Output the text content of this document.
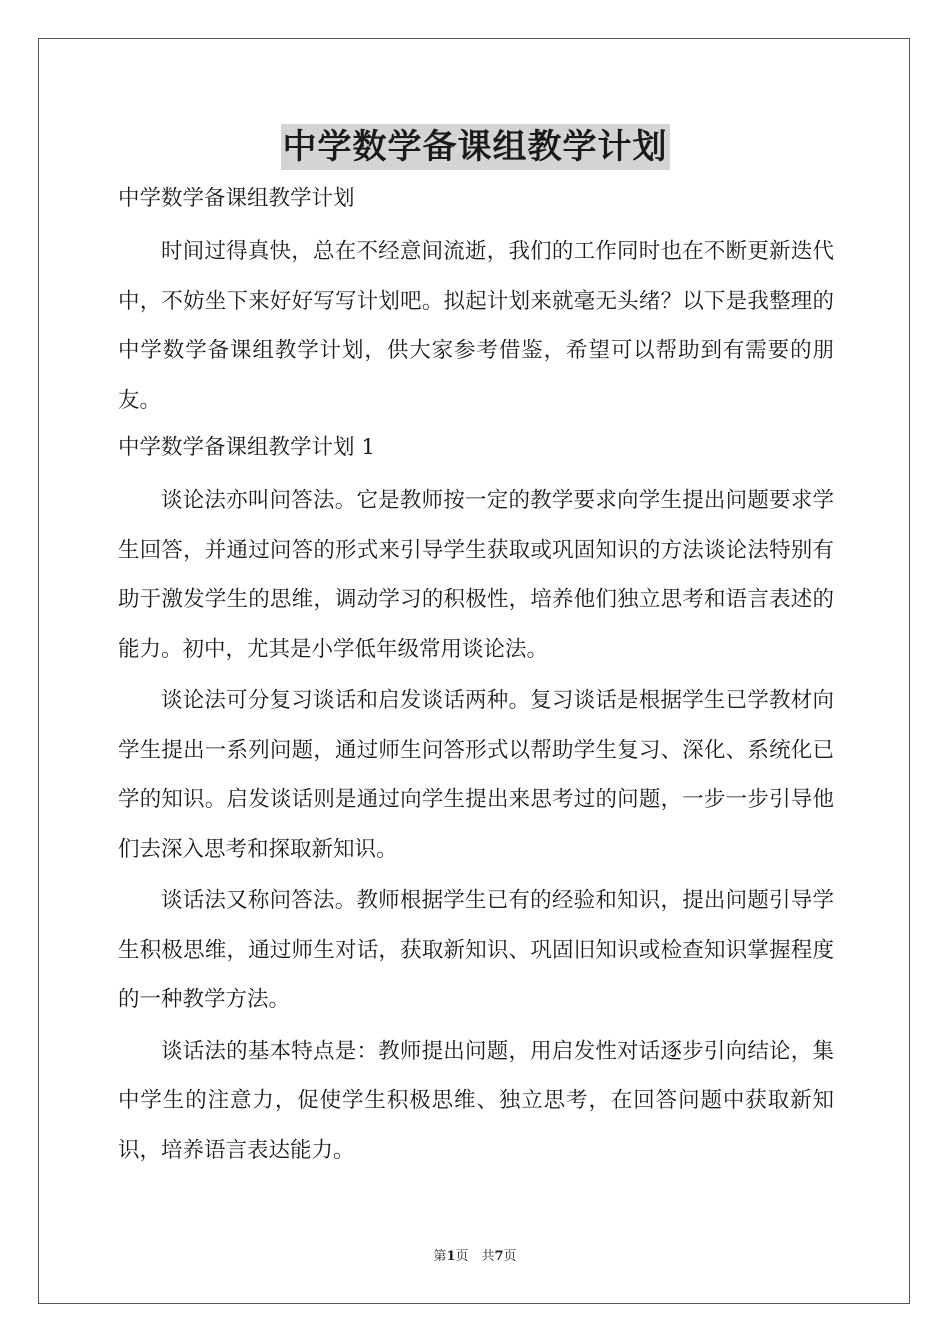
中学数学备课组教学计划
中学数学备课组教学计划

时间过得真快，总在不经意间流逝，我们的工作同时也在不断更新迭代中，不妨坐下来好好写写计划吧。拟起计划来就毫无头绪？以下是我整理的中学数学备课组教学计划，供大家参考借鉴，希望可以帮助到有需要的朋友。

中学数学备课组教学计划 1

谈论法亦叫问答法。它是教师按一定的教学要求向学生提出问题要求学生回答，并通过问答的形式来引导学生获取或巩固知识的方法谈论法特别有助于激发学生的思维，调动学习的积极性，培养他们独立思考和语言表述的能力。初中，尤其是小学低年级常用谈论法。

谈论法可分复习谈话和启发谈话两种。复习谈话是根据学生已学教材向学生提出一系列问题，通过师生问答形式以帮助学生复习、深化、系统化已学的知识。启发谈话则是通过向学生提出来思考过的问题，一步一步引导他们去深入思考和探取新知识。

谈话法又称问答法。教师根据学生已有的经验和知识，提出问题引导学生积极思维，通过师生对话，获取新知识、巩固旧知识或检查知识掌握程度的一种教学方法。

谈话法的基本特点是：教师提出问题，用启发性对话逐步引向结论，集中学生的注意力，促使学生积极思维、独立思考，在回答问题中获取新知识，培养语言表达能力。

第1页　共7页
